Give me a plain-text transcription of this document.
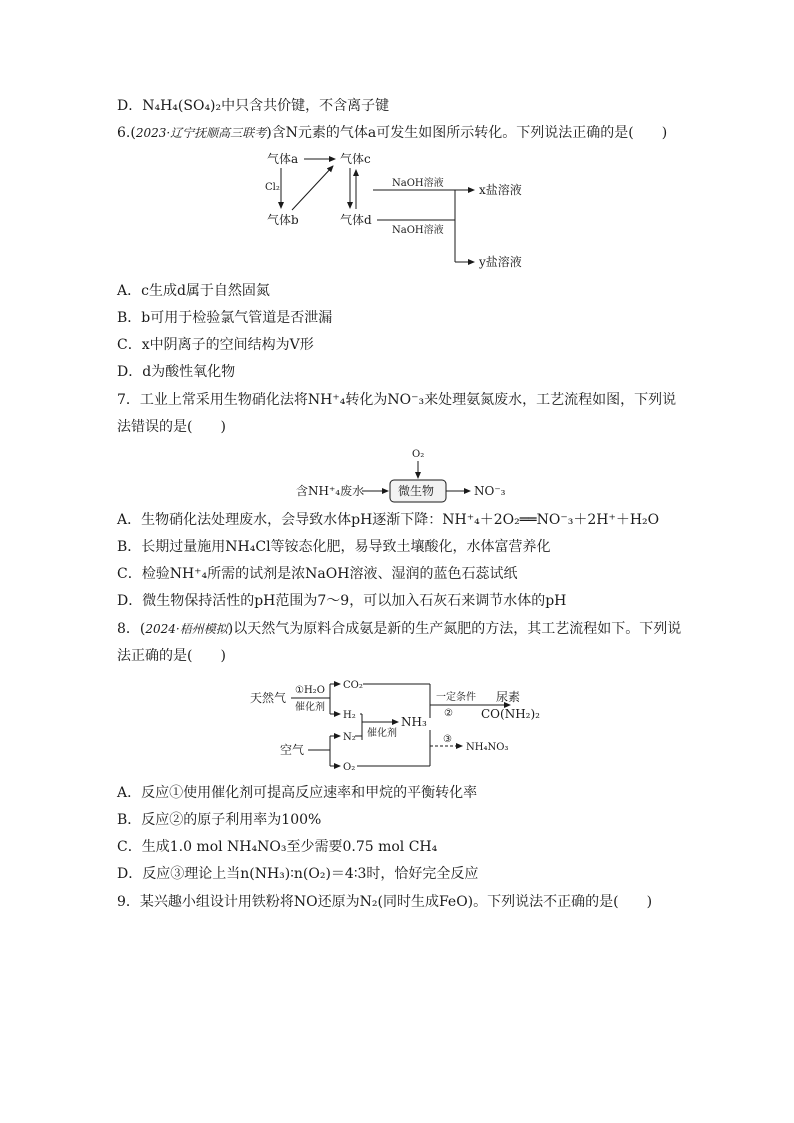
D．N₄H₄(SO₄)₂中只含共价键，不含离子键
6.(2023·辽宁抚顺高三联考)含N元素的气体a可发生如图所示转化。下列说法正确的是(　　)
气体a	气体c
Cl₂
气体b	气体d
NaOH溶液
NaOH溶液
x盐溶液
y盐溶液
A．c生成d属于自然固氮
B．b可用于检验氯气管道是否泄漏
C．x中阴离子的空间结构为V形
D．d为酸性氧化物
7．工业上常采用生物硝化法将NH⁺₄转化为NO⁻₃来处理氨氮废水，工艺流程如图，下列说
法错误的是(　　)
O₂
含NH⁺₄废水	微生物	NO⁻₃
A．生物硝化法处理废水，会导致水体pH逐渐下降：NH⁺₄＋2O₂══NO⁻₃＋2H⁺＋H₂O
B．长期过量施用NH₄Cl等铵态化肥，易导致土壤酸化，水体富营养化
C．检验NH⁺₄所需的试剂是浓NaOH溶液、湿润的蓝色石蕊试纸
D．微生物保持活性的pH范围为7～9，可以加入石灰石来调节水体的pH
8．(2024·梧州模拟)以天然气为原料合成氨是新的生产氮肥的方法，其工艺流程如下。下列说
法正确的是(　　)
天然气
①H₂O
催化剂
CO₂
H₂
催化剂
NH₃
一定条件
②
尿素
CO(NH₂)₂
空气
N₂
O₂
③
NH₄NO₃
A．反应①使用催化剂可提高反应速率和甲烷的平衡转化率
B．反应②的原子利用率为100%
C．生成1.0 mol NH₄NO₃至少需要0.75 mol CH₄
D．反应③理论上当n(NH₃)∶n(O₂)＝4∶3时，恰好完全反应
9．某兴趣小组设计用铁粉将NO还原为N₂(同时生成FeO)。下列说法不正确的是(　　)
